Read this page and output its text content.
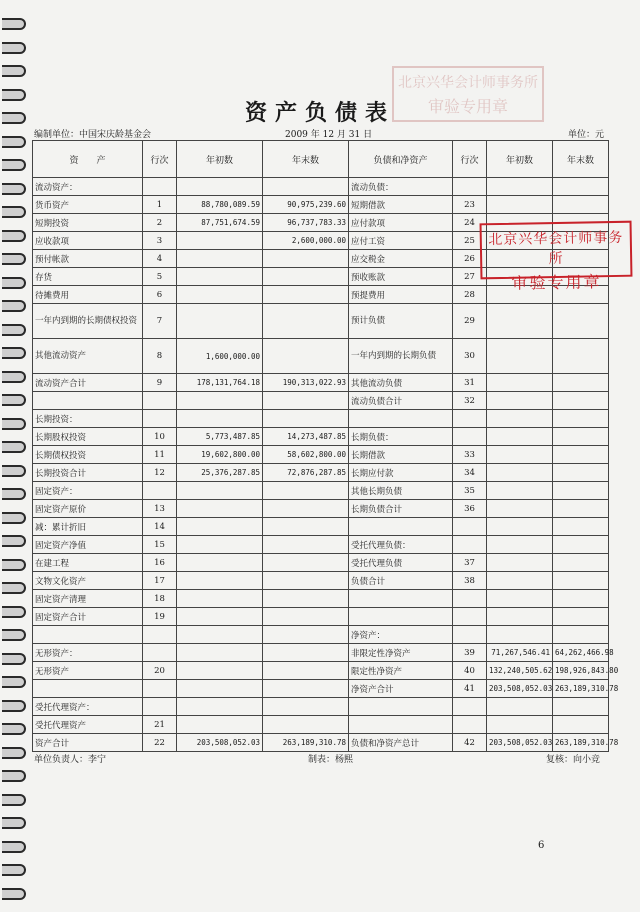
资产负债表
北京兴华会计师事务所
审验专用章
编制单位：中国宋庆龄基金会	2009 年 12 月 31 日	单位：元
资　　产	行次	年初数	年末数	负债和净资产	行次	年初数	年末数
流动资产：				流动负债：			
货币资产	1	88,780,089.59	90,975,239.60	短期借款	23		
短期投资	2	87,751,674.59	96,737,783.33	应付款项	24		
应收款项	3		2,600,000.00	应付工资	25		
预付帐款	4			应交税金	26		
存货	5			预收账款	27		
待摊费用	6			预提费用	28		
一年内到期的长期债权投资	7			预计负债	29		
其他流动资产	8	1,600,000.00		一年内到期的长期负债	30		
流动资产合计	9	178,131,764.18	190,313,022.93	其他流动负债	31		
				流动负债合计	32		
长期投资：							
长期股权投资	10	5,773,487.85	14,273,487.85	长期负债：			
长期债权投资	11	19,602,800.00	58,602,800.00	长期借款	33		
长期投资合计	12	25,376,287.85	72,876,287.85	长期应付款	34		
固定资产：				其他长期负债	35		
固定资产原价	13			长期负债合计	36		
减：累计折旧	14						
固定资产净值	15			受托代理负债：			
在建工程	16			受托代理负债	37		
文物文化资产	17			负债合计	38		
固定资产清理	18						
固定资产合计	19						
				净资产：			
无形资产：				非限定性净资产	39	71,267,546.41	64,262,466.98
无形资产	20			限定性净资产	40	132,240,505.62	198,926,843.80
				净资产合计	41	203,508,052.03	263,189,310.78
受托代理资产：							
受托代理资产	21						
资产合计	22	203,508,052.03	263,189,310.78	负债和净资产总计	42	203,508,052.03	263,189,310.78
北京兴华会计师事务所
审验专用章
单位负责人：李宁	制表：杨熙	复核：向小竞
6
